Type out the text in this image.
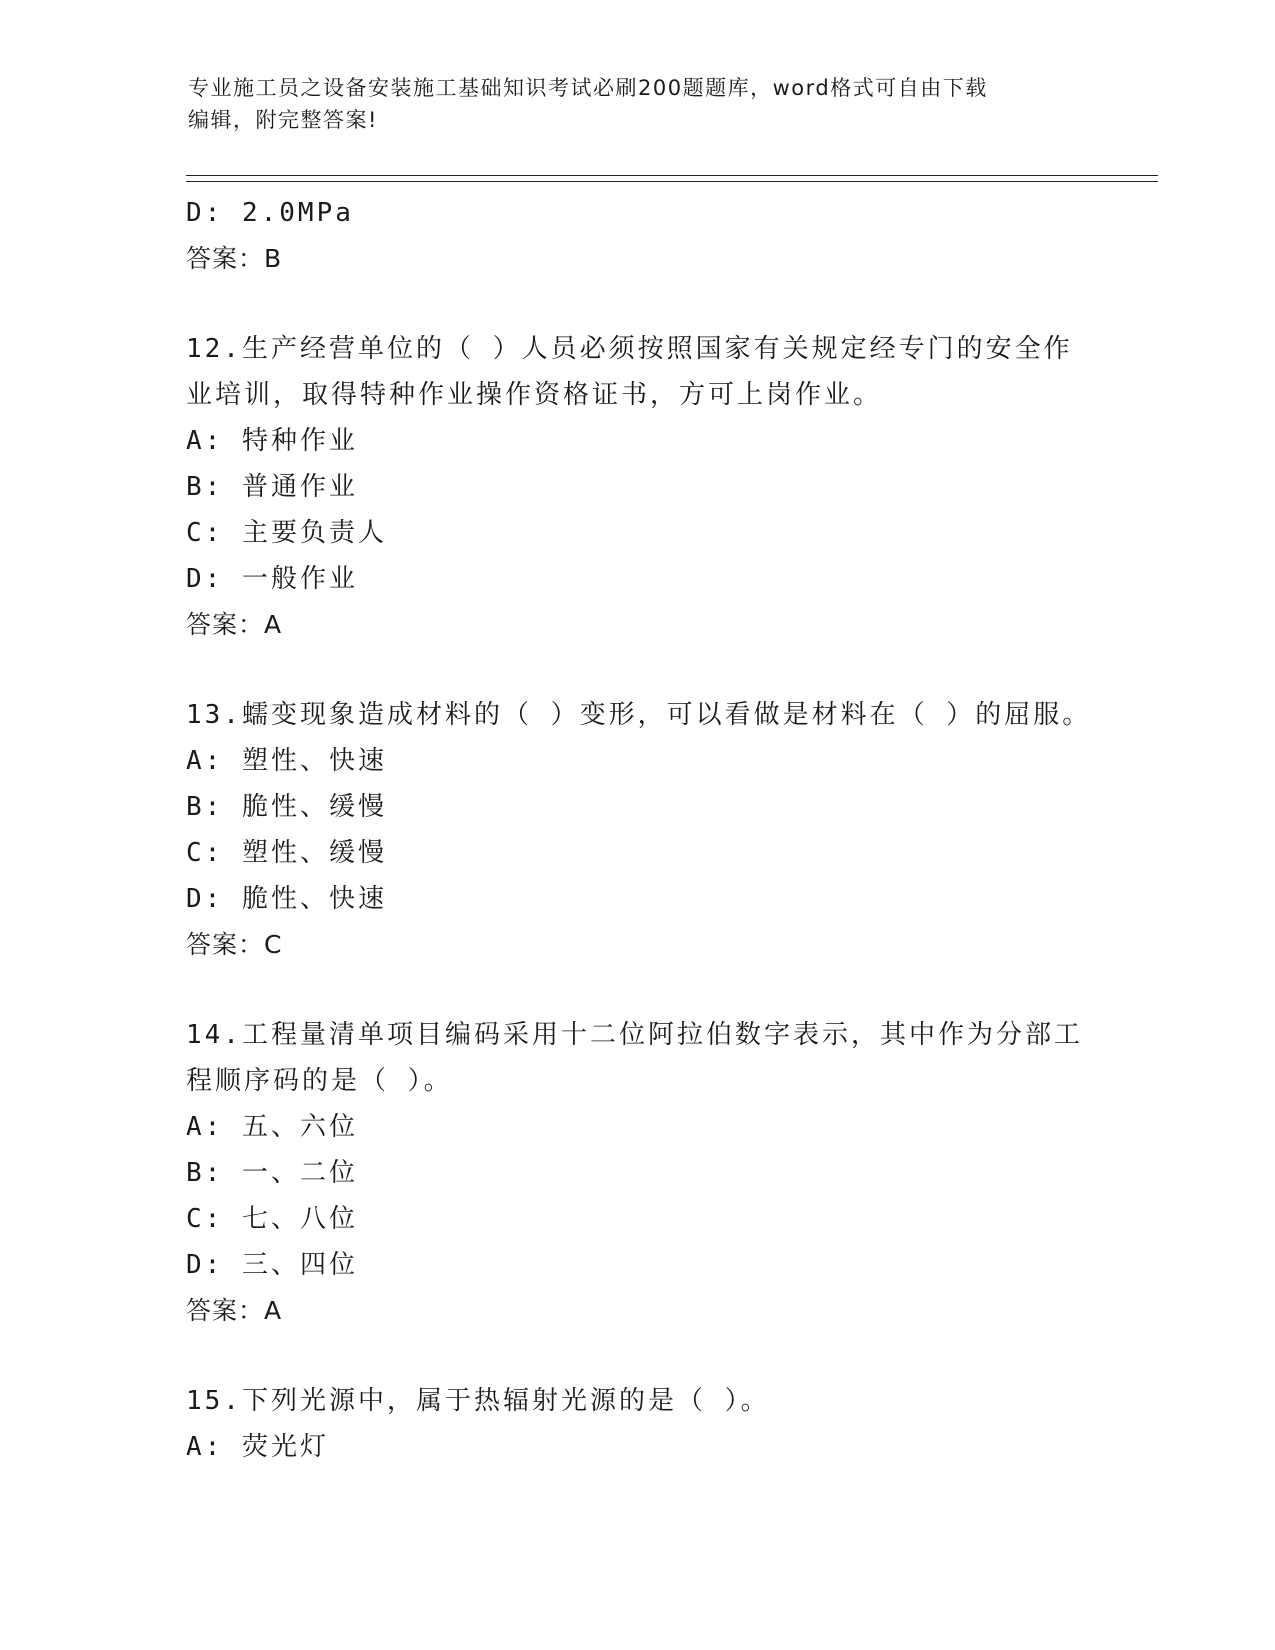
专业施工员之设备安装施工基础知识考试必刷200题题库，word格式可自由下载
编辑，附完整答案!
D: 2.0MPa
答案：B
12.生产经营单位的（ ）人员必须按照国家有关规定经专门的安全作
业培训，取得特种作业操作资格证书，方可上岗作业。
A: 特种作业
B: 普通作业
C: 主要负责人
D: 一般作业
答案：A
13.蠕变现象造成材料的（ ）变形，可以看做是材料在（ ）的屈服。
A: 塑性、快速
B: 脆性、缓慢
C: 塑性、缓慢
D: 脆性、快速
答案：C
14.工程量清单项目编码采用十二位阿拉伯数字表示，其中作为分部工
程顺序码的是（ ）。
A: 五、六位
B: 一、二位
C: 七、八位
D: 三、四位
答案：A
15.下列光源中，属于热辐射光源的是（ ）。
A: 荧光灯
